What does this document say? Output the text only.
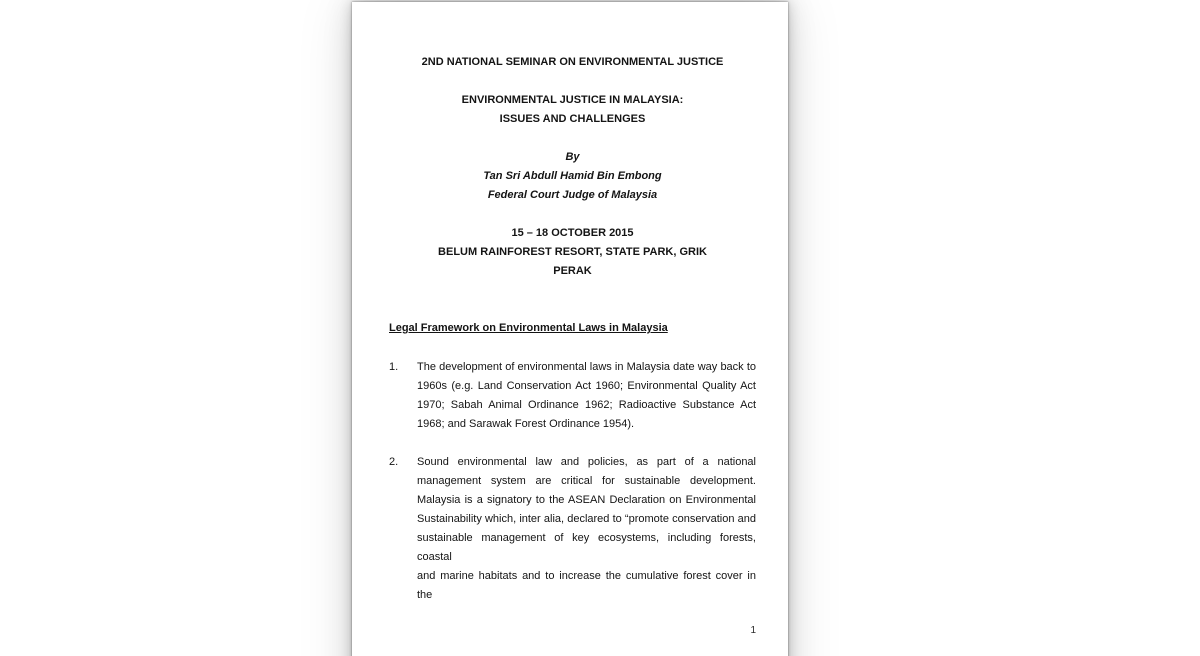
2ND NATIONAL SEMINAR ON ENVIRONMENTAL JUSTICE
ENVIRONMENTAL JUSTICE IN MALAYSIA:
ISSUES AND CHALLENGES
By
Tan Sri Abdull Hamid Bin Embong
Federal Court Judge of Malaysia
15 – 18 OCTOBER 2015
BELUM RAINFOREST RESORT, STATE PARK, GRIK
PERAK
Legal Framework on Environmental Laws in Malaysia
1.	The development of environmental laws in Malaysia date way back to
1960s (e.g. Land Conservation Act 1960; Environmental Quality Act
1970; Sabah Animal Ordinance 1962; Radioactive Substance Act
1968; and Sarawak Forest Ordinance 1954).
2.	Sound environmental law and policies, as part of a national
management system are critical for sustainable development.
Malaysia is a signatory to the ASEAN Declaration on Environmental
Sustainability which, inter alia, declared to “promote conservation and
sustainable management of key ecosystems, including forests, coastal
and marine habitats and to increase the cumulative forest cover in the
1
